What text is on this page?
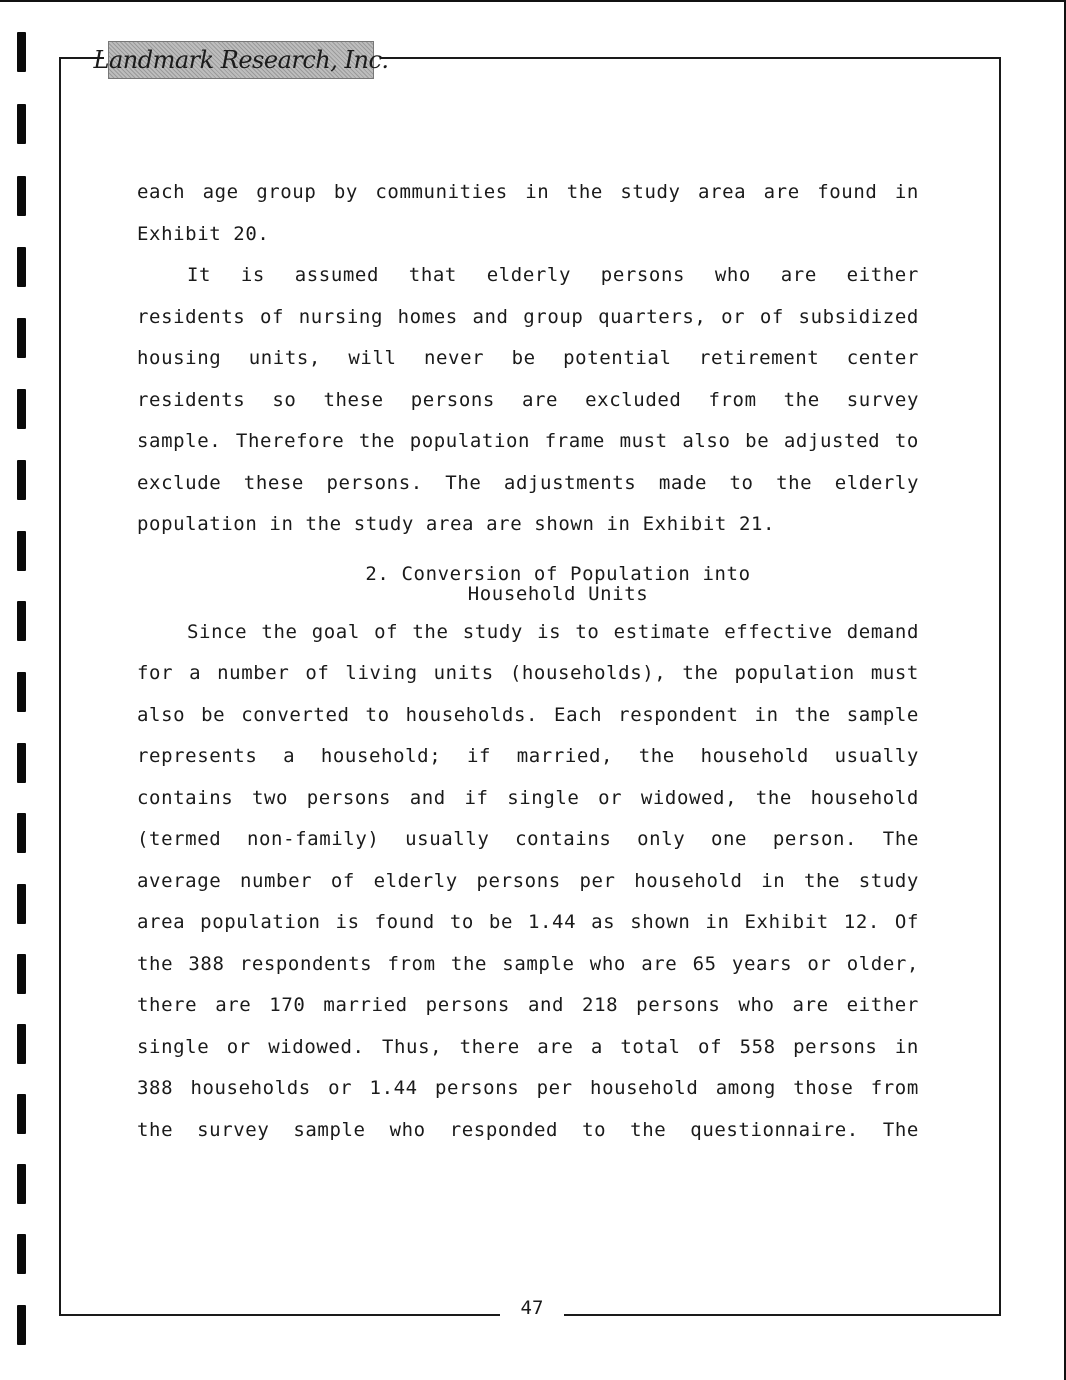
Landmark Research, Inc.
each age group by communities in the study area are found in
Exhibit 20.
It is assumed that elderly persons who are either
residents of nursing homes and group quarters, or of subsidized
housing units, will never be potential retirement center
residents so these persons are excluded from the survey
sample. Therefore the population frame must also be adjusted to
exclude these persons. The adjustments made to the elderly
population in the study area are shown in Exhibit 21.
2. Conversion of Population into
Household Units
Since the goal of the study is to estimate effective demand
for a number of living units (households), the population must
also be converted to households. Each respondent in the sample
represents a household; if married, the household usually
contains two persons and if single or widowed, the household
(termed non-family) usually contains only one person. The
average number of elderly persons per household in the study
area population is found to be 1.44 as shown in Exhibit 12. Of
the 388 respondents from the sample who are 65 years or older,
there are 170 married persons and 218 persons who are either
single or widowed. Thus, there are a total of 558 persons in
388 households or 1.44 persons per household among those from
the survey sample who responded to the questionnaire. The
47
